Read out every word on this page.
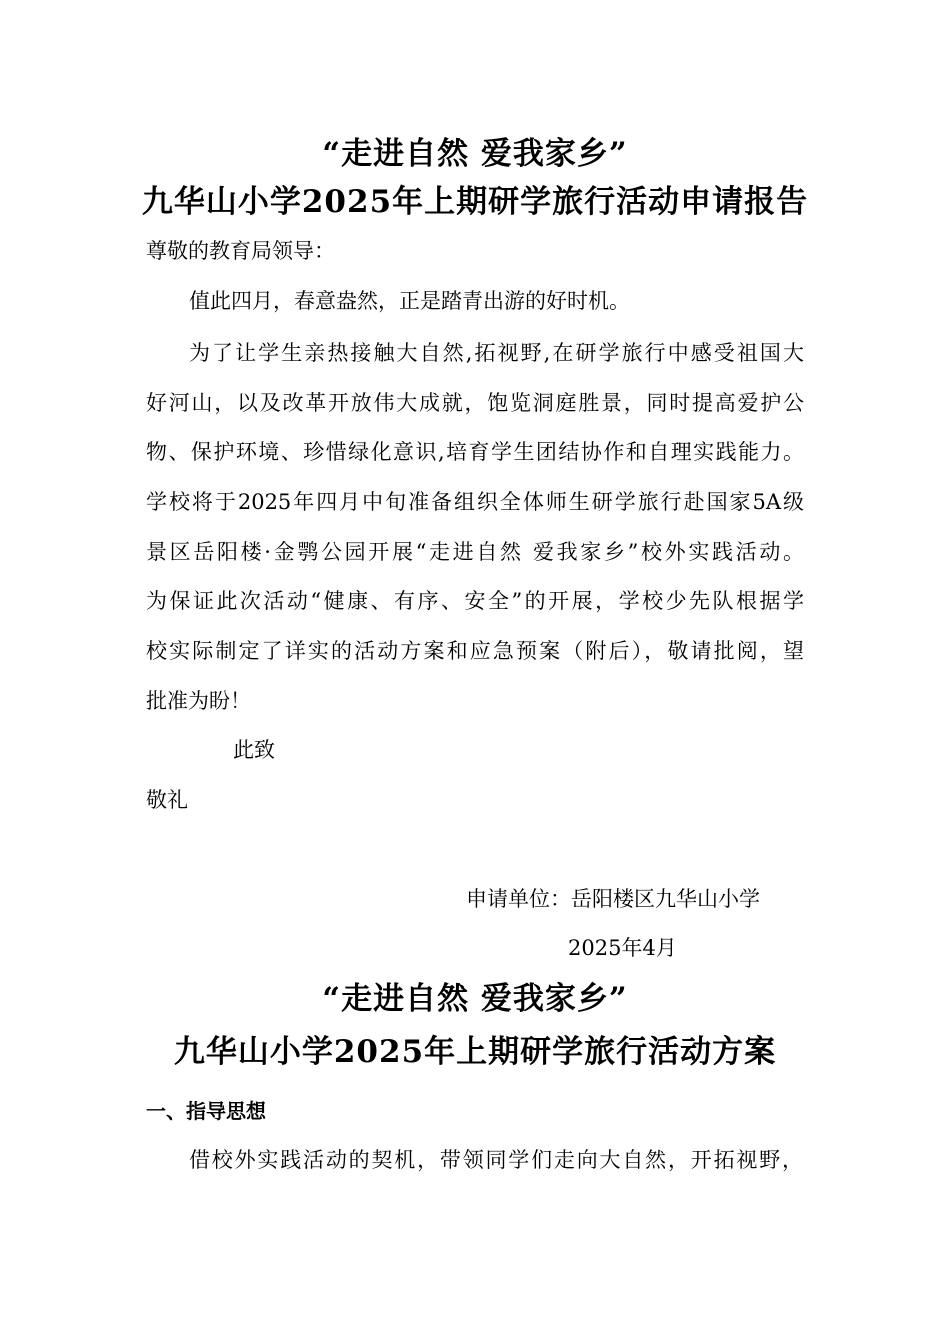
“走进自然 爱我家乡”
九华山小学2025年上期研学旅行活动申请报告
尊敬的教育局领导：
值此四月，春意盎然，正是踏青出游的好时机。
为了让学生亲热接触大自然,拓视野,在研学旅行中感受祖国大
好河山，以及改革开放伟大成就，饱览洞庭胜景，同时提高爱护公
物、保护环境、珍惜绿化意识,培育学生团结协作和自理实践能力。
学校将于2025年四月中旬准备组织全体师生研学旅行赴国家5A级
景区岳阳楼·金鹗公园开展“走进自然 爱我家乡”校外实践活动。
为保证此次活动“健康、有序、安全”的开展，学校少先队根据学
校实际制定了详实的活动方案和应急预案（附后），敬请批阅，望
批准为盼！
此致
敬礼
申请单位：岳阳楼区九华山小学
2025年4月
“走进自然 爱我家乡”
九华山小学2025年上期研学旅行活动方案
一、指导思想
借校外实践活动的契机，带领同学们走向大自然，开拓视野，
